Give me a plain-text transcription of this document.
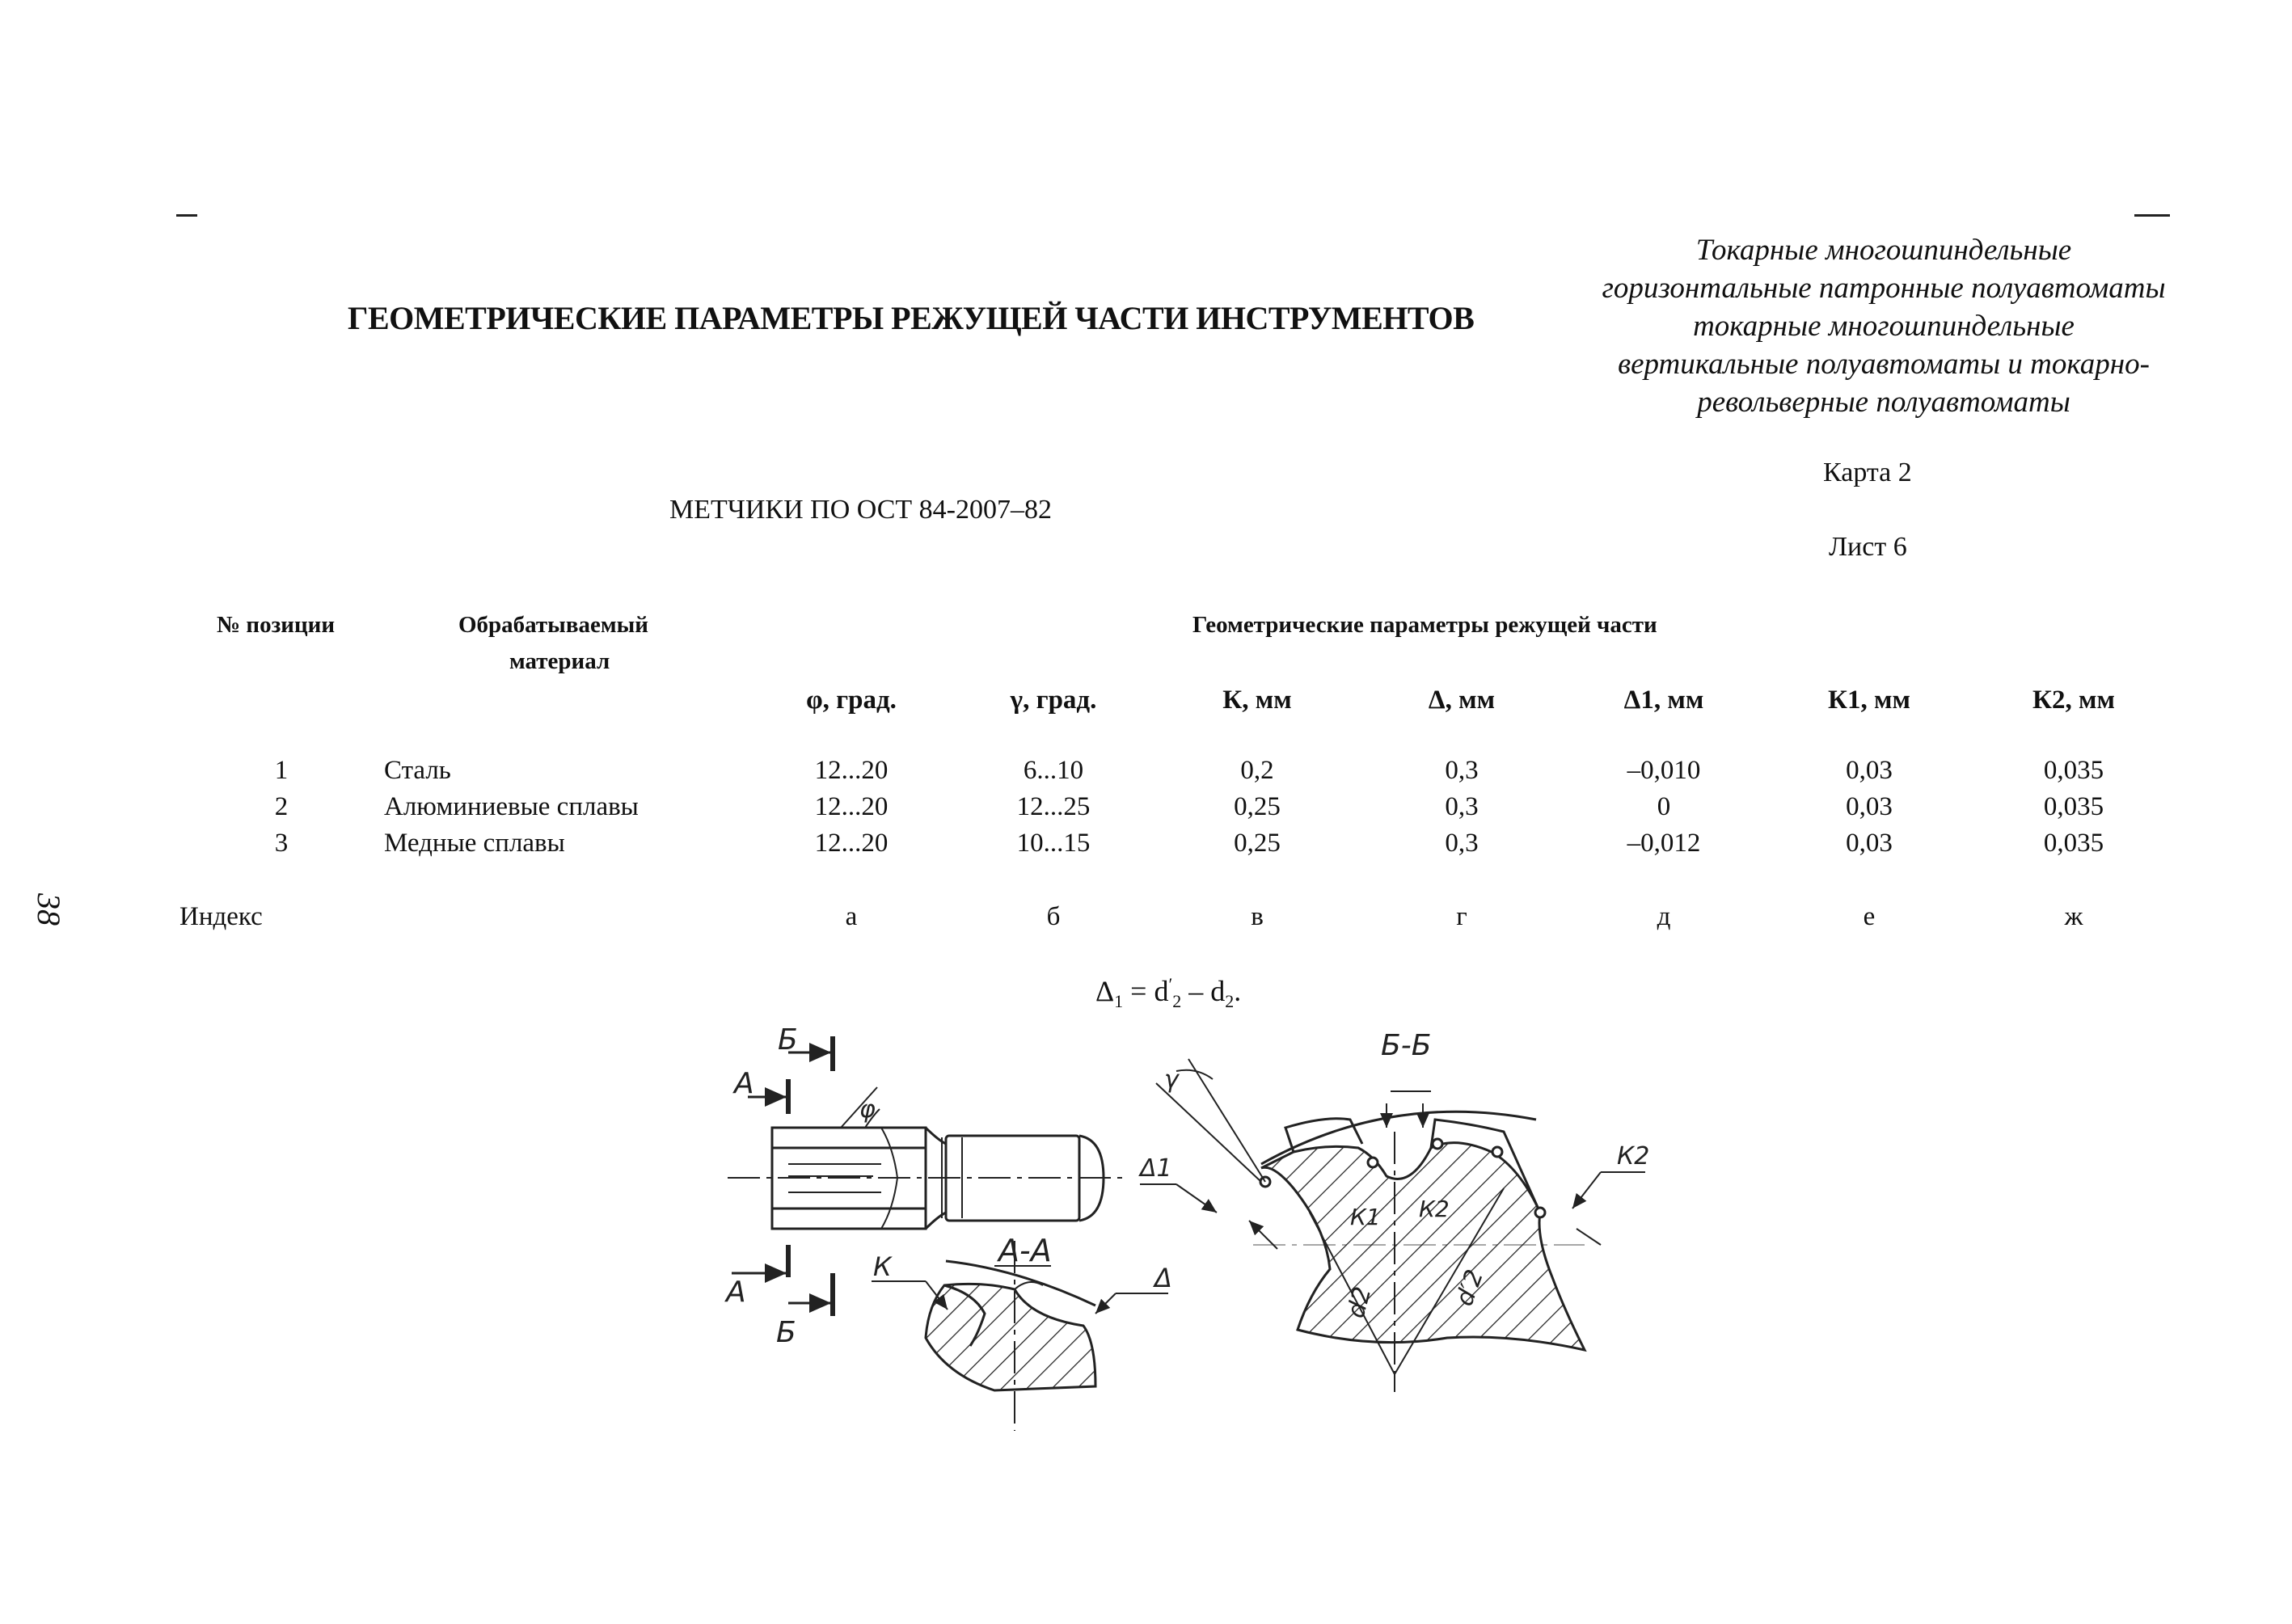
ГЕОМЕТРИЧЕСКИЕ ПАРАМЕТРЫ РЕЖУЩЕЙ ЧАСТИ ИНСТРУМЕНТОВ
Токарные многошпиндельные
горизонтальные патронные полуавтоматы
токарные многошпиндельные
вертикальные полуавтоматы и токарно-
револьверные полуавтоматы
Карта 2
Лист 6
МЕТЧИКИ ПО ОСТ 84-2007–82
№ позиции	Обрабатываемый
материал
Геометрические параметры режущей части
φ, град.	γ, град.	К, мм	Δ, мм	Δ1, мм	К1, мм	К2, мм
1	Сталь	12...20	6...10	0,2	0,3	–0,010	0,03	0,035
2	Алюминиевые сплавы	12...20	12...25	0,25	0,3	0	0,03	0,035
3	Медные сплавы	12...20	10...15	0,25	0,3	–0,012	0,03	0,035
Индекс	а	б	в	г	д	е	ж
38
$\Delta_1 = d'_2 - d_2$.
Б
А
φ
А
Б
А-А
К	Δ
Б-Б
γ
Δ1
К1 К2
К2
d2	d′2
